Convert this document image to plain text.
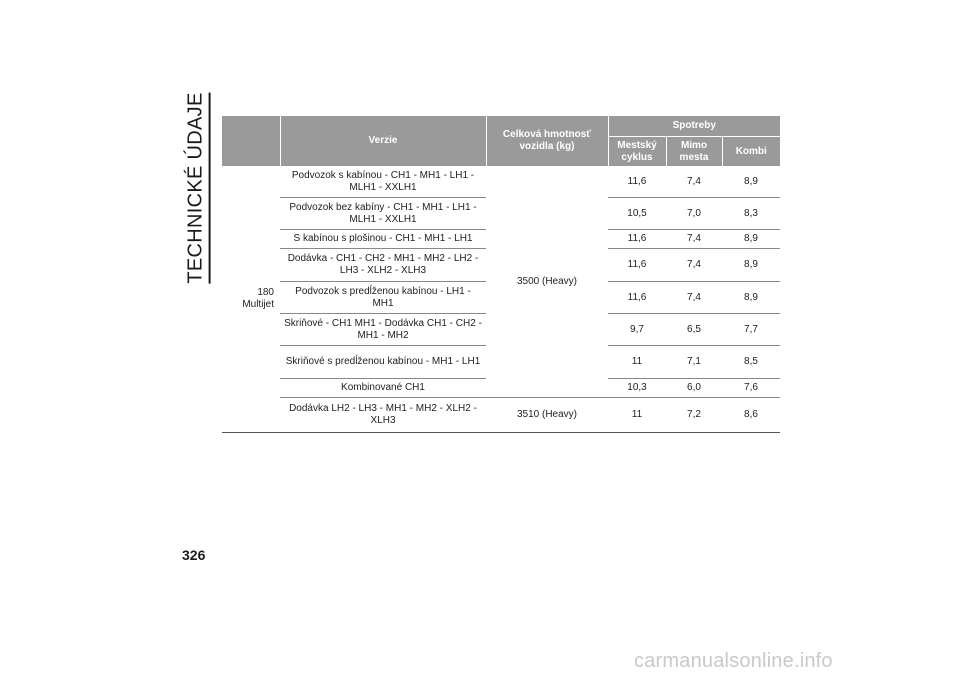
TECHNICKÉ ÚDAJE
		Verzie	Celková hmotnosť vozidla (kg)	Spotreby		
			Mestský cyklus	Mimo mesta	Kombi
180 Multijet	Podvozok s kabínou - CH1 - MH1 - LH1 - MLH1 - XXLH1	3500 (Heavy)	11,6	7,4	8,9
	Podvozok bez kabíny - CH1 - MH1 - LH1 - MLH1 - XXLH1		10,5	7,0	8,3
	S kabínou s plošinou - CH1 - MH1 - LH1		11,6	7,4	8,9
	Dodávka - CH1 - CH2 - MH1 - MH2 - LH2 - LH3 - XLH2 - XLH3		11,6	7,4	8,9
	Podvozok s predĺženou kabínou - LH1 - MH1		11,6	7,4	8,9
	Skriňové - CH1 MH1 - Dodávka CH1 - CH2 - MH1 - MH2		9,7	6,5	7,7
	Skriňové s predĺženou kabínou - MH1 - LH1		11	7,1	8,5
	Kombinované CH1		10,3	6,0	7,6
	Dodávka LH2 - LH3 - MH1 - MH2 - XLH2 - XLH3	3510 (Heavy)	11	7,2	8,6
326
carmanualsonline.info
